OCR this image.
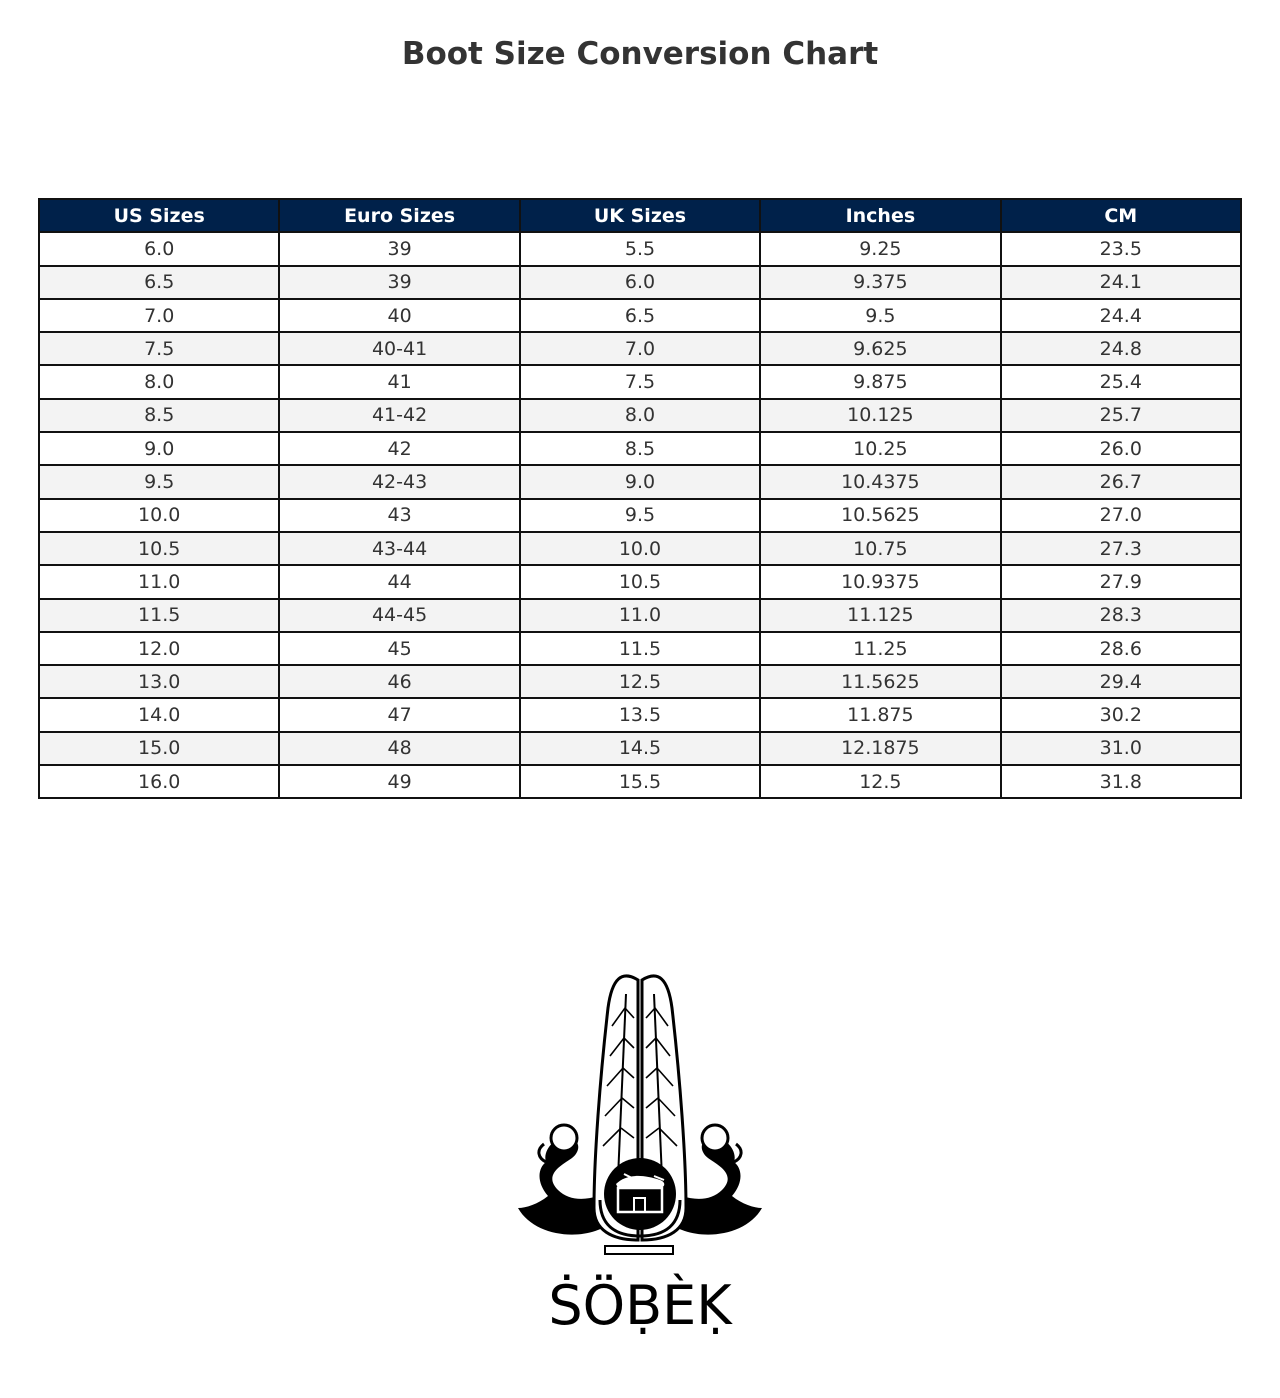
Boot Size Conversion Chart
US Sizes	Euro Sizes	UK Sizes	Inches	CM
6.0	39	5.5	9.25	23.5
6.5	39	6.0	9.375	24.1
7.0	40	6.5	9.5	24.4
7.5	40-41	7.0	9.625	24.8
8.0	41	7.5	9.875	25.4
8.5	41-42	8.0	10.125	25.7
9.0	42	8.5	10.25	26.0
9.5	42-43	9.0	10.4375	26.7
10.0	43	9.5	10.5625	27.0
10.5	43-44	10.0	10.75	27.3
11.0	44	10.5	10.9375	27.9
11.5	44-45	11.0	11.125	28.3
12.0	45	11.5	11.25	28.6
13.0	46	12.5	11.5625	29.4
14.0	47	13.5	11.875	30.2
15.0	48	14.5	12.1875	31.0
16.0	49	15.5	12.5	31.8
ṠÖḄÈḲ
